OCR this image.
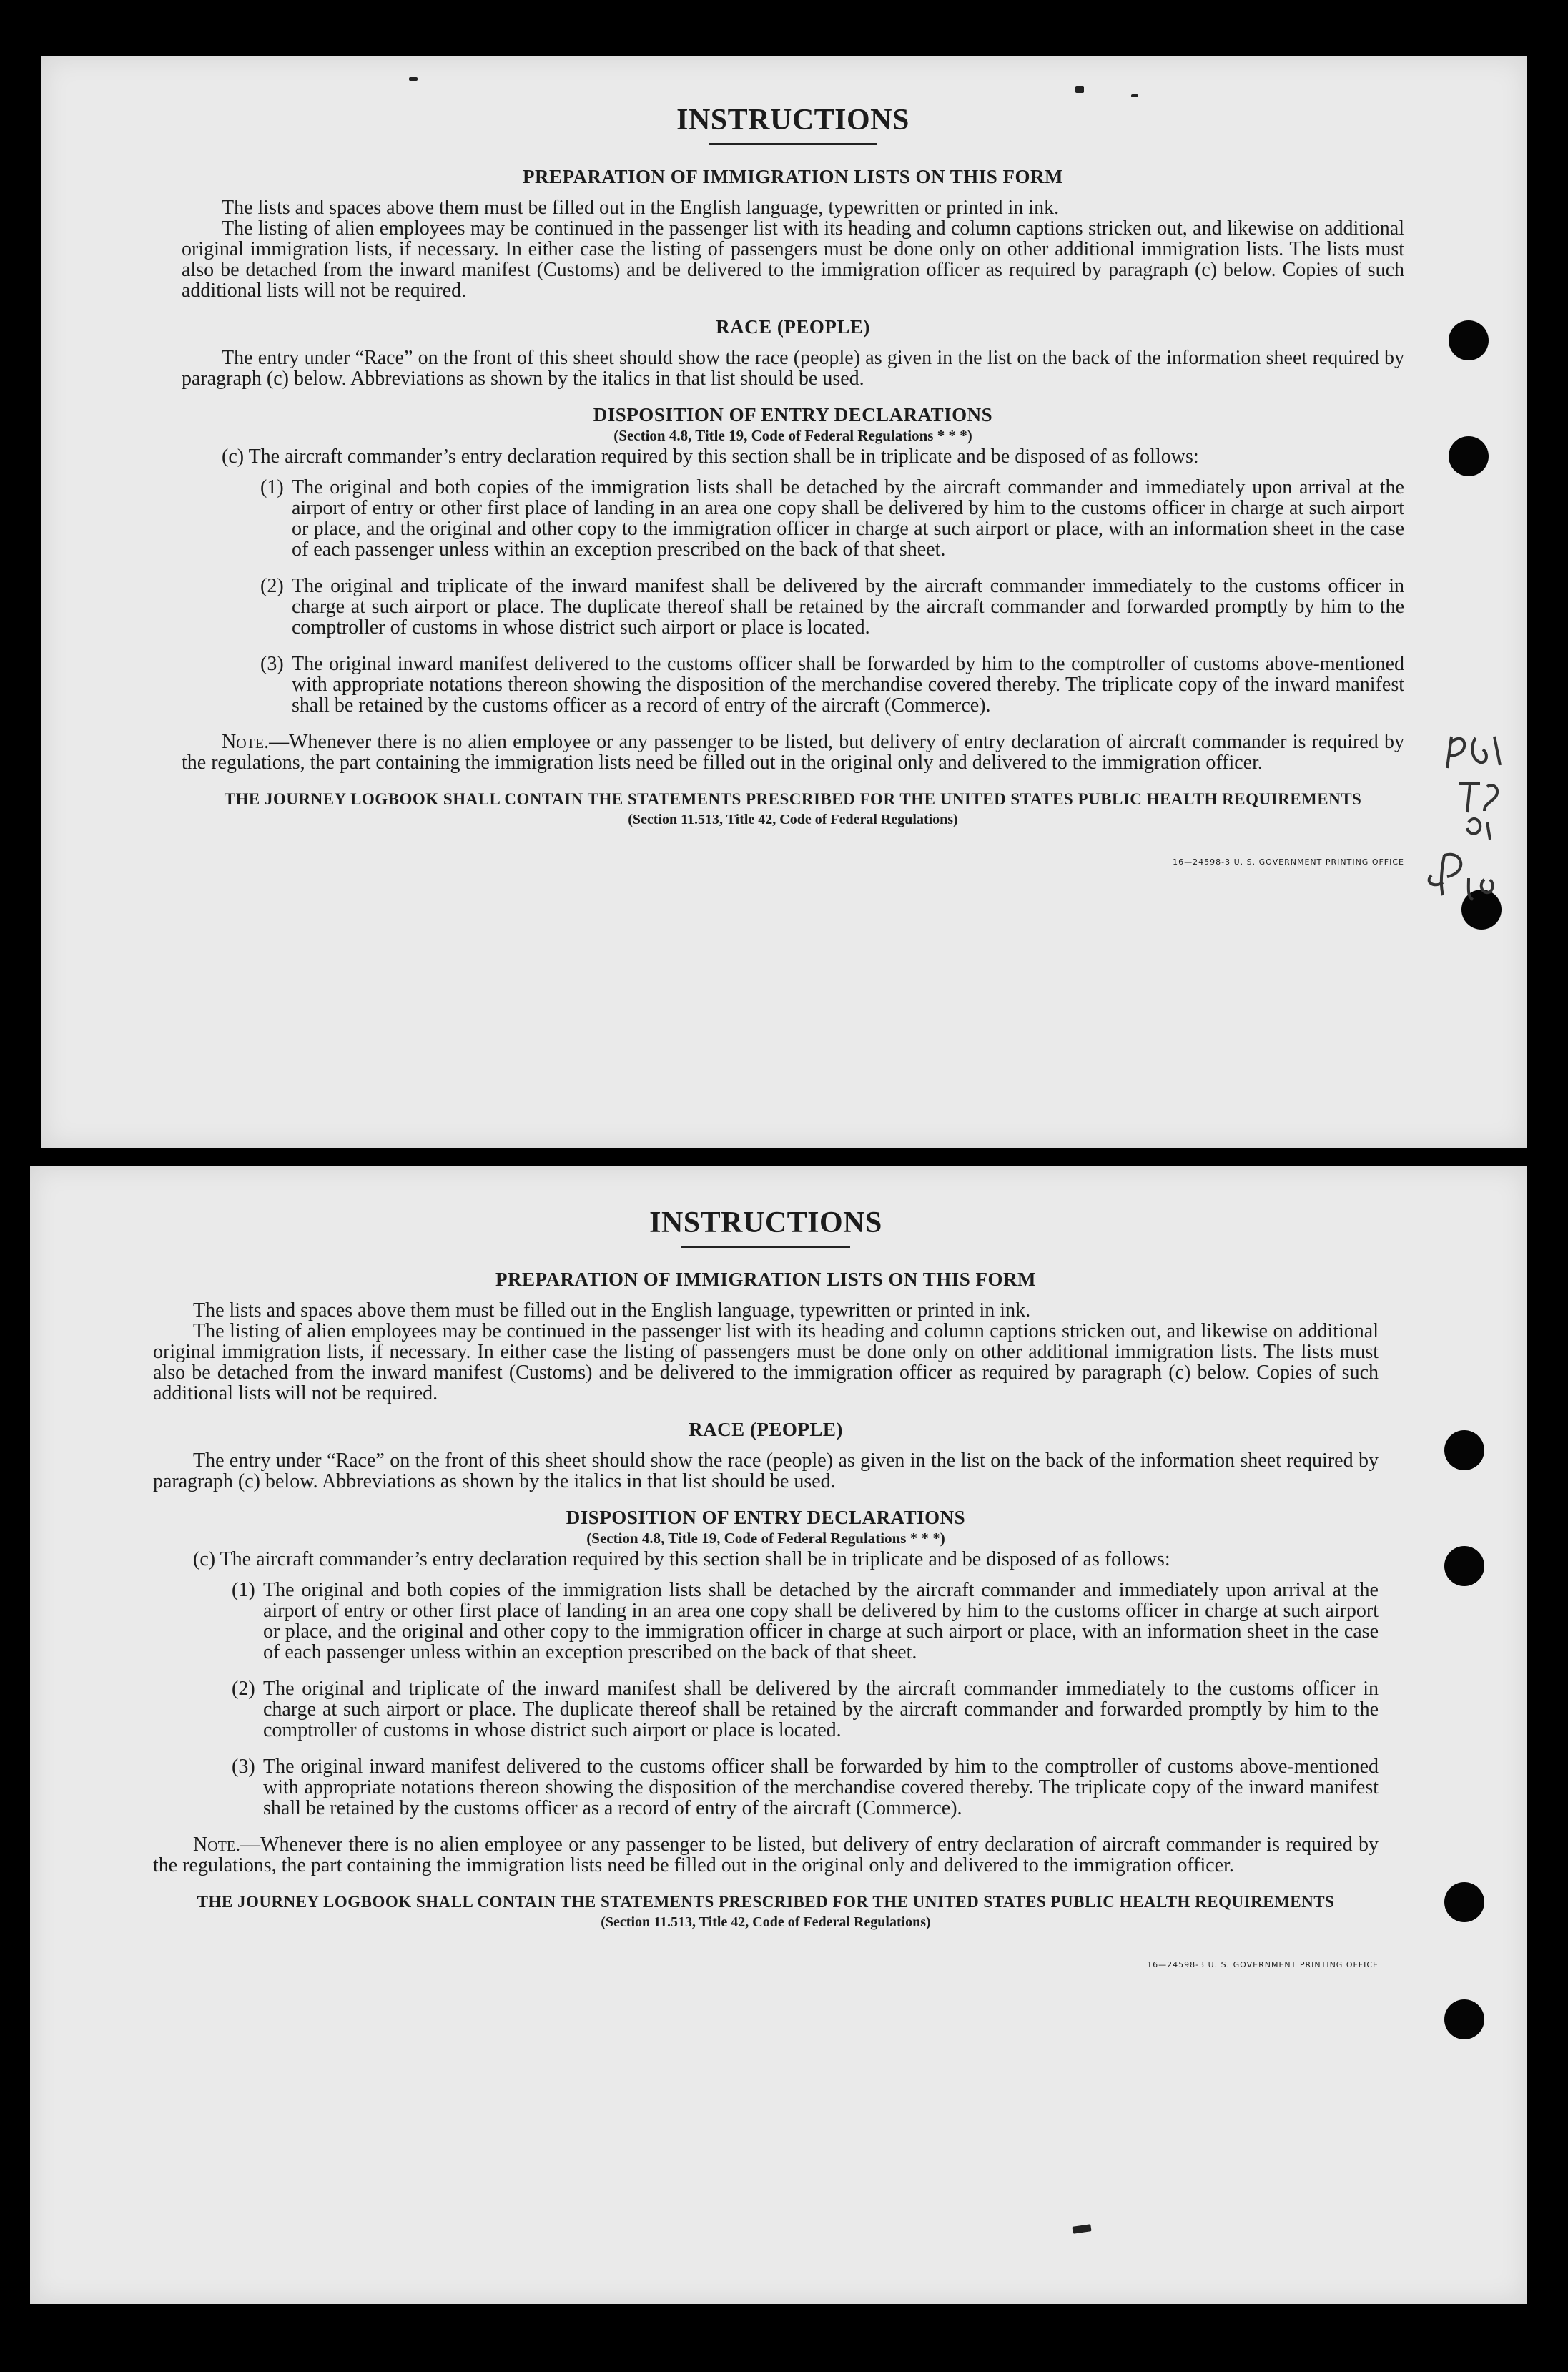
INSTRUCTIONS
PREPARATION OF IMMIGRATION LISTS ON THIS FORM

The lists and spaces above them must be filled out in the English language, typewritten or printed in ink.

The listing of alien employees may be continued in the passenger list with its heading and column captions stricken out, and likewise on additional original immigration lists, if necessary. In either case the listing of passengers must be done only on other additional immigration lists. The lists must also be detached from the inward manifest (Customs) and be delivered to the immigration officer as required by paragraph (c) below. Copies of such additional lists will not be required.

RACE (PEOPLE)

The entry under “Race” on the front of this sheet should show the race (people) as given in the list on the back of the information sheet required by paragraph (c) below. Abbreviations as shown by the italics in that list should be used.

DISPOSITION OF ENTRY DECLARATIONS
(Section 4.8, Title 19, Code of Federal Regulations * * *)

(c) The aircraft commander’s entry declaration required by this section shall be in triplicate and be disposed of as follows:

(1) The original and both copies of the immigration lists shall be detached by the aircraft commander and immediately upon arrival at the airport of entry or other first place of landing in an area one copy shall be delivered by him to the customs officer in charge at such airport or place, and the original and other copy to the immigration officer in charge at such airport or place, with an information sheet in the case of each passenger unless within an exception prescribed on the back of that sheet.
(2) The original and triplicate of the inward manifest shall be delivered by the aircraft commander immediately to the customs officer in charge at such airport or place. The duplicate thereof shall be retained by the aircraft commander and forwarded promptly by him to the comptroller of customs in whose district such airport or place is located.
(3) The original inward manifest delivered to the customs officer shall be forwarded by him to the comptroller of customs above-mentioned with appropriate notations thereon showing the disposition of the merchandise covered thereby. The triplicate copy of the inward manifest shall be retained by the customs officer as a record of entry of the aircraft (Commerce).

Note.—Whenever there is no alien employee or any passenger to be listed, but delivery of entry declaration of aircraft commander is required by the regulations, the part containing the immigration lists need be filled out in the original only and delivered to the immigration officer.

THE JOURNEY LOGBOOK SHALL CONTAIN THE STATEMENTS PRESCRIBED FOR THE UNITED STATES PUBLIC HEALTH REQUIREMENTS
(Section 11.513, Title 42, Code of Federal Regulations)
16—24598-3 U. S. GOVERNMENT PRINTING OFFICE
INSTRUCTIONS
PREPARATION OF IMMIGRATION LISTS ON THIS FORM

The lists and spaces above them must be filled out in the English language, typewritten or printed in ink.

The listing of alien employees may be continued in the passenger list with its heading and column captions stricken out, and likewise on additional original immigration lists, if necessary. In either case the listing of passengers must be done only on other additional immigration lists. The lists must also be detached from the inward manifest (Customs) and be delivered to the immigration officer as required by paragraph (c) below. Copies of such additional lists will not be required.

RACE (PEOPLE)

The entry under “Race” on the front of this sheet should show the race (people) as given in the list on the back of the information sheet required by paragraph (c) below. Abbreviations as shown by the italics in that list should be used.

DISPOSITION OF ENTRY DECLARATIONS
(Section 4.8, Title 19, Code of Federal Regulations * * *)

(c) The aircraft commander’s entry declaration required by this section shall be in triplicate and be disposed of as follows:

(1) The original and both copies of the immigration lists shall be detached by the aircraft commander and immediately upon arrival at the airport of entry or other first place of landing in an area one copy shall be delivered by him to the customs officer in charge at such airport or place, and the original and other copy to the immigration officer in charge at such airport or place, with an information sheet in the case of each passenger unless within an exception prescribed on the back of that sheet.
(2) The original and triplicate of the inward manifest shall be delivered by the aircraft commander immediately to the customs officer in charge at such airport or place. The duplicate thereof shall be retained by the aircraft commander and forwarded promptly by him to the comptroller of customs in whose district such airport or place is located.
(3) The original inward manifest delivered to the customs officer shall be forwarded by him to the comptroller of customs above-mentioned with appropriate notations thereon showing the disposition of the merchandise covered thereby. The triplicate copy of the inward manifest shall be retained by the customs officer as a record of entry of the aircraft (Commerce).

Note.—Whenever there is no alien employee or any passenger to be listed, but delivery of entry declaration of aircraft commander is required by the regulations, the part containing the immigration lists need be filled out in the original only and delivered to the immigration officer.

THE JOURNEY LOGBOOK SHALL CONTAIN THE STATEMENTS PRESCRIBED FOR THE UNITED STATES PUBLIC HEALTH REQUIREMENTS
(Section 11.513, Title 42, Code of Federal Regulations)
16—24598-3 U. S. GOVERNMENT PRINTING OFFICE
